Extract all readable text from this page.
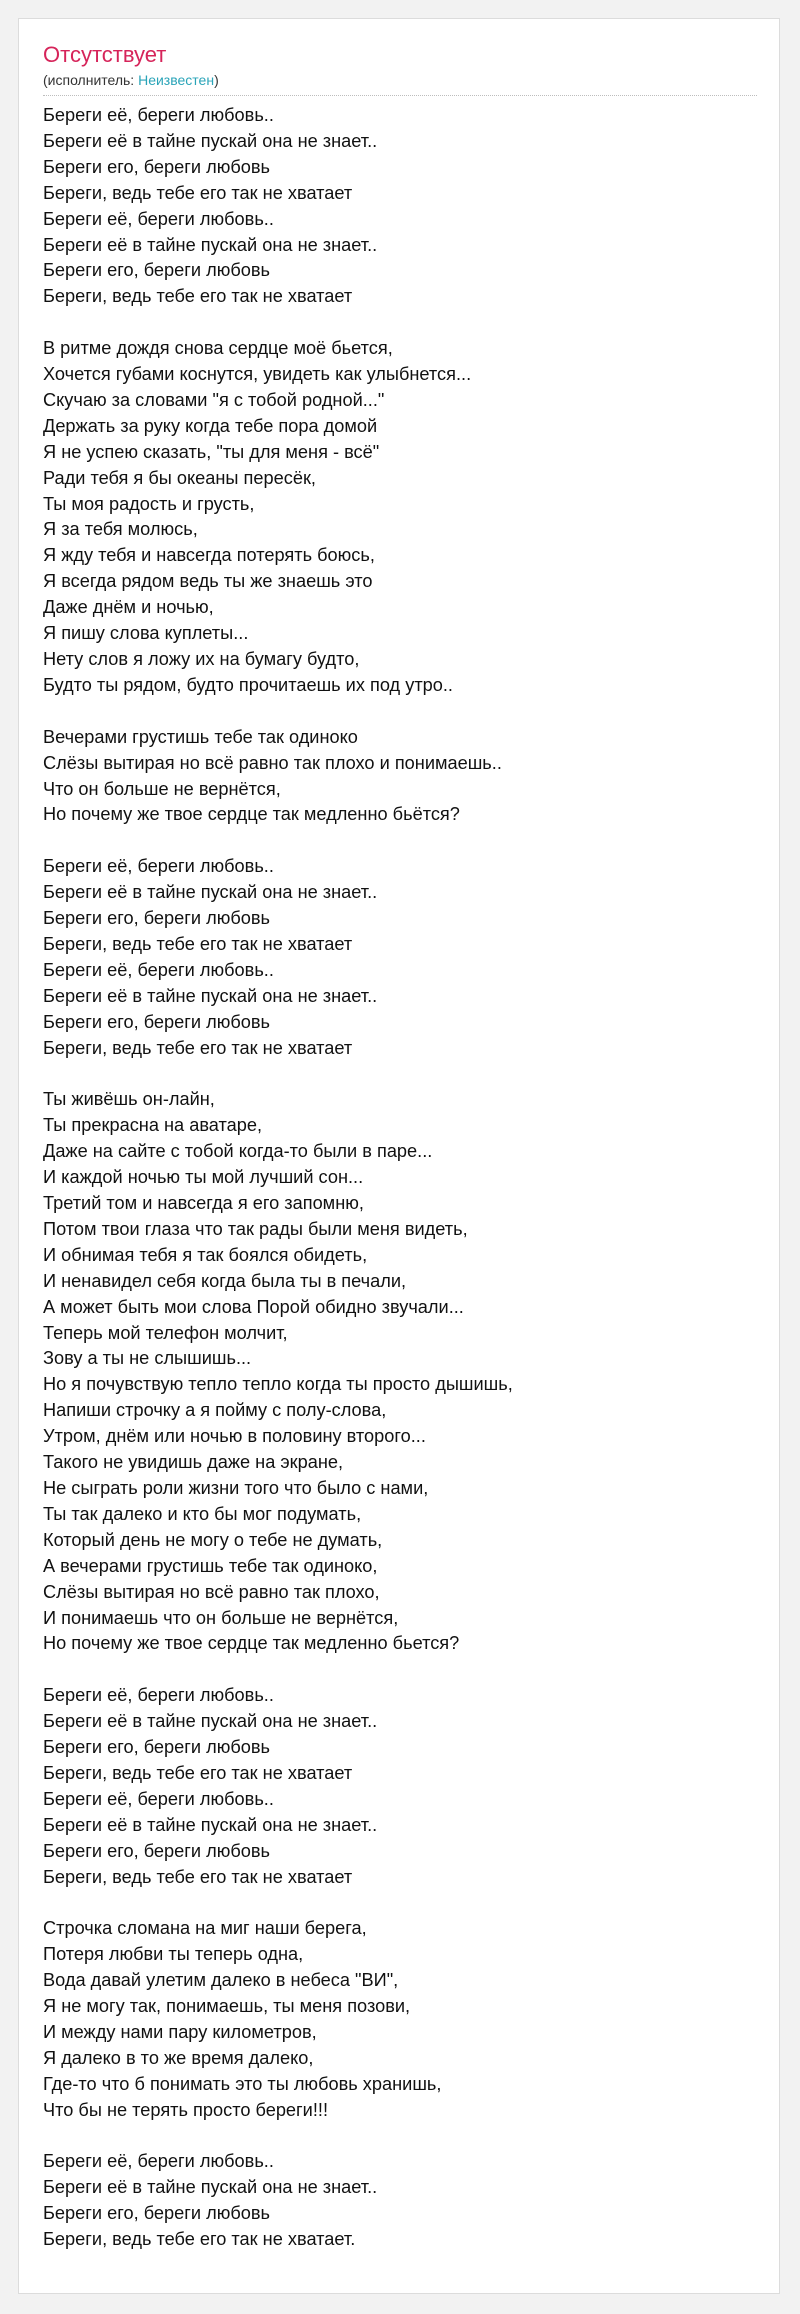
Отсутствует
(исполнитель: Неизвестен)
Береги её, береги любовь..
Береги её в тайне пускай она не знает..
Береги его, береги любовь
Береги, ведь тебе его так не хватает
Береги её, береги любовь..
Береги её в тайне пускай она не знает..
Береги его, береги любовь
Береги, ведь тебе его так не хватает
В ритме дождя снова сердце моё бьется,
Хочется губами коснутся, увидеть как улыбнется...
Скучаю за словами "я с тобой родной..."
Держать за руку когда тебе пора домой
Я не успею сказать, "ты для меня - всё"
Ради тебя я бы океаны пересёк,
Ты моя радость и грусть,
Я за тебя молюсь,
Я жду тебя и навсегда потерять боюсь,
Я всегда рядом ведь ты же знаешь это
Даже днём и ночью,
Я пишу слова куплеты...
Нету слов я ложу их на бумагу будто,
Будто ты рядом, будто прочитаешь их под утро..
Вечерами грустишь тебе так одиноко
Слёзы вытирая но всё равно так плохо и понимаешь..
Что он больше не вернётся,
Но почему же твое сердце так медленно бьётся?
Береги её, береги любовь..
Береги её в тайне пускай она не знает..
Береги его, береги любовь
Береги, ведь тебе его так не хватает
Береги её, береги любовь..
Береги её в тайне пускай она не знает..
Береги его, береги любовь
Береги, ведь тебе его так не хватает
Ты живёшь он-лайн,
Ты прекрасна на аватаре,
Даже на сайте с тобой когда-то были в паре...
И каждой ночью ты мой лучший сон...
Третий том и навсегда я его запомню,
Потом твои глаза что так рады были меня видеть,
И обнимая тебя я так боялся обидеть,
И ненавидел себя когда была ты в печали,
А может быть мои слова Порой обидно звучали...
Теперь мой телефон молчит,
Зову а ты не слышишь...
Но я почувствую тепло тепло когда ты просто дышишь,
Напиши строчку а я пойму с полу-слова,
Утром, днём или ночью в половину второго...
Такого не увидишь даже на экране,
Не сыграть роли жизни того что было с нами,
Ты так далеко и кто бы мог подумать,
Который день не могу о тебе не думать,
А вечерами грустишь тебе так одиноко,
Слёзы вытирая но всё равно так плохо,
И понимаешь что он больше не вернётся,
Но почему же твое сердце так медленно бьется?
Береги её, береги любовь..
Береги её в тайне пускай она не знает..
Береги его, береги любовь
Береги, ведь тебе его так не хватает
Береги её, береги любовь..
Береги её в тайне пускай она не знает..
Береги его, береги любовь
Береги, ведь тебе его так не хватает
Строчка сломана на миг наши берега,
Потеря любви ты теперь одна,
Вода давай улетим далеко в небеса "ВИ",
Я не могу так, понимаешь, ты меня позови,
И между нами пару километров,
Я далеко в то же время далеко,
Где-то что б понимать это ты любовь хранишь,
Что бы не терять просто береги!!!
Береги её, береги любовь..
Береги её в тайне пускай она не знает..
Береги его, береги любовь
Береги, ведь тебе его так не хватает.
